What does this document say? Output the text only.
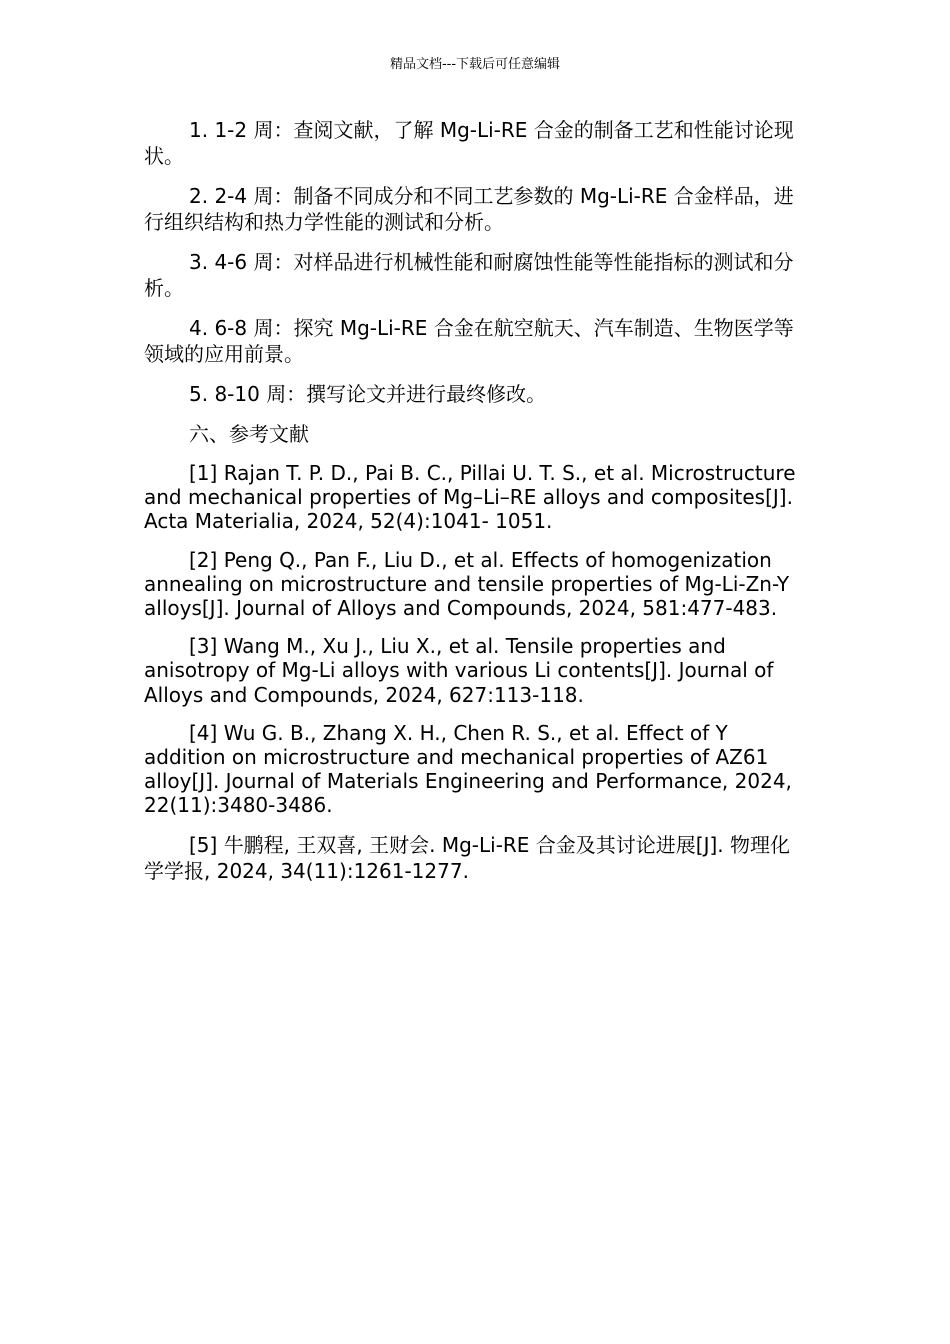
精品文档---下载后可任意编辑

1. 1-2 周：查阅文献，了解 Mg-Li-RE 合金的制备工艺和性能讨论现状。

2. 2-4 周：制备不同成分和不同工艺参数的 Mg-Li-RE 合金样品，进行组织结构和热力学性能的测试和分析。

3. 4-6 周：对样品进行机械性能和耐腐蚀性能等性能指标的测试和分析。

4. 6-8 周：探究 Mg-Li-RE 合金在航空航天、汽车制造、生物医学等领域的应用前景。

5. 8-10 周：撰写论文并进行最终修改。

六、参考文献

[1] Rajan T. P. D., Pai B. C., Pillai U. T. S., et al. Microstructure and mechanical properties of Mg–Li–RE alloys and composites[J]. Acta Materialia, 2024, 52(4):1041- 1051.

[2] Peng Q., Pan F., Liu D., et al. Effects of homogenization annealing on microstructure and tensile properties of Mg-Li-Zn-Y alloys[J]. Journal of Alloys and Compounds, 2024, 581:477-483.

[3] Wang M., Xu J., Liu X., et al. Tensile properties and anisotropy of Mg-Li alloys with various Li contents[J]. Journal of Alloys and Compounds, 2024, 627:113-118.

[4] Wu G. B., Zhang X. H., Chen R. S., et al. Effect of Y addition on microstructure and mechanical properties of AZ61 alloy[J]. Journal of Materials Engineering and Performance, 2024, 22(11):3480-3486.

[5] 牛鹏程, 王双喜, 王财会. Mg-Li-RE 合金及其讨论进展[J]. 物理化学学报, 2024, 34(11):1261-1277.
